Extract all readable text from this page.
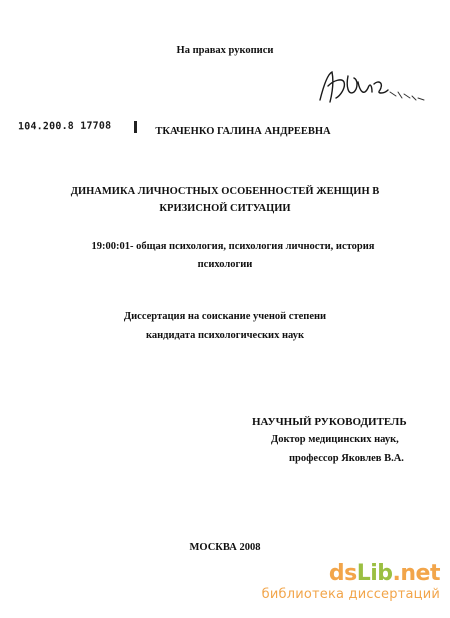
На правах рукописи
104.200.8 17708	ТКАЧЕНКО ГАЛИНА АНДРЕЕВНА
ДИНАМИКА ЛИЧНОСТНЫХ ОСОБЕННОСТЕЙ ЖЕНЩИН В
КРИЗИСНОЙ СИТУАЦИИ
19:00:01- общая психология, психология личности, история
психологии
Диссертация на соискание ученой степени
кандидата психологических наук
НАУЧНЫЙ РУКОВОДИТЕЛЬ
Доктор медицинских наук,
профессор Яковлев В.А.
МОСКВА 2008
ds Lib .net
библиотека диссертаций
